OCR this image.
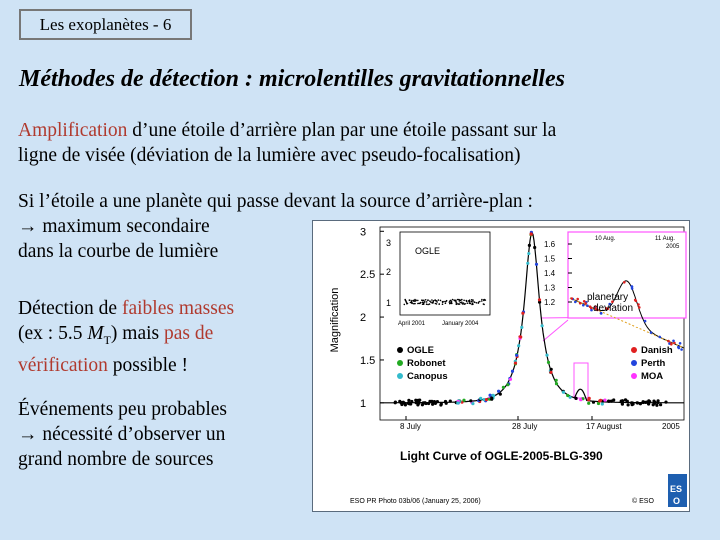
Les exoplanètes - 6
Méthodes de détection : microlentilles gravitationnelles
Amplification d’une étoile d’arrière plan par une étoile passant sur la
ligne de visée (déviation de la lumière avec pseudo-focalisation)
Si l’étoile a une planète qui passe devant la source d’arrière-plan :
→ maximum secondaire
dans la courbe de lumière
Détection de faibles masses
(ex : 5.5 $M_T$) mais pas de
vérification possible !
Événements peu probables
→ nécessité d’observer un
grand nombre de sources
Magnification
3
2.5
2
1.5
1
8 July	28 July	17 August	2005
OGLE
3
2
1
April 2001	January 2004
1.6
1.5
1.4
1.3
1.2
10 Aug.	11 Aug.
2005
planetary
deviation
OGLE
Robonet
Canopus
Danish
Perth
MOA
Light Curve of OGLE-2005-BLG-390
ESO PR Photo 03b/06 (January 25, 2006)	© ESO
ES
O
